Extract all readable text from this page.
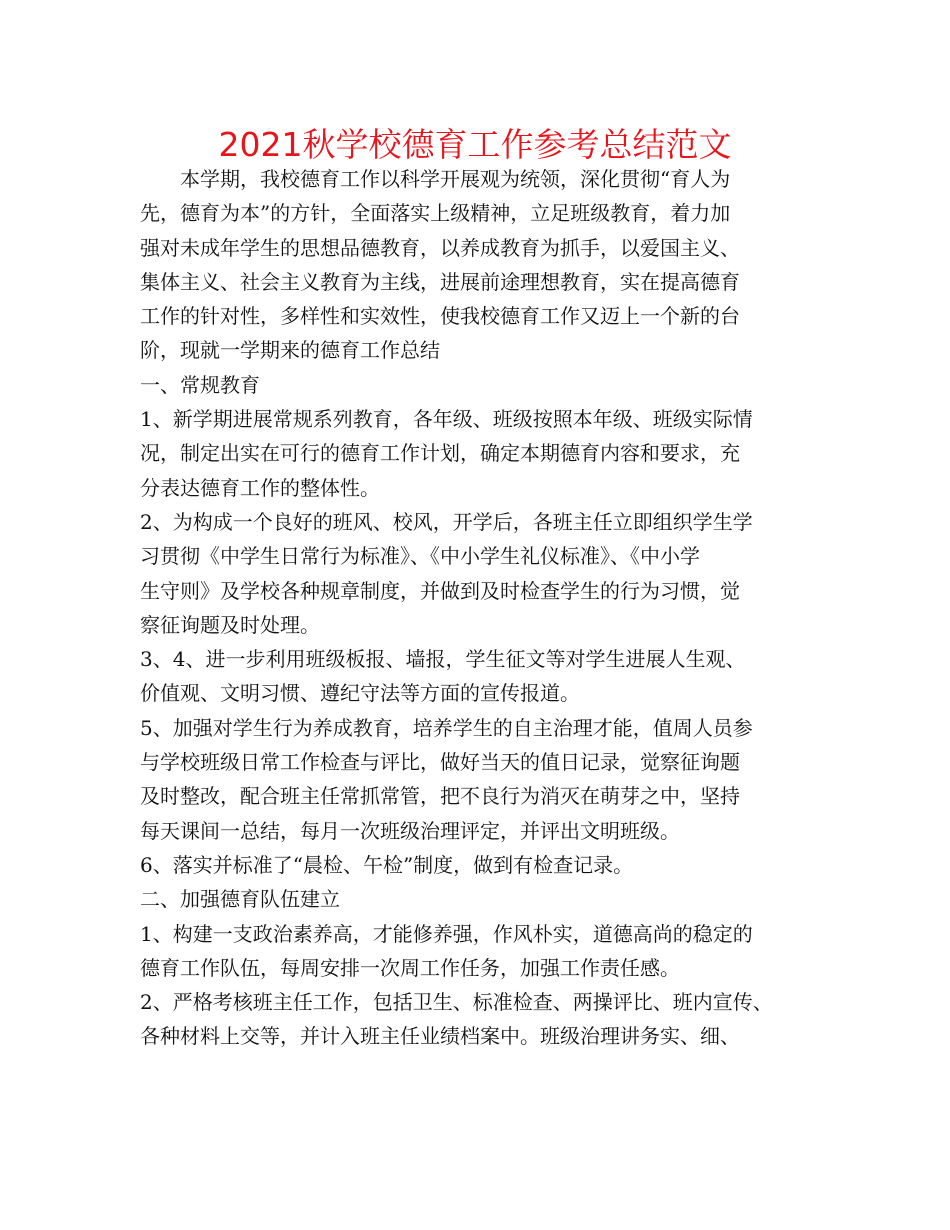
2021秋学校德育工作参考总结范文
　　本学期，我校德育工作以科学开展观为统领，深化贯彻“育人为
先，德育为本”的方针，全面落实上级精神，立足班级教育，着力加
强对未成年学生的思想品德教育，以养成教育为抓手，以爱国主义、
集体主义、社会主义教育为主线，进展前途理想教育，实在提高德育
工作的针对性，多样性和实效性，使我校德育工作又迈上一个新的台
阶，现就一学期来的德育工作总结
一、常规教育
1、新学期进展常规系列教育，各年级、班级按照本年级、班级实际情
况，制定出实在可行的德育工作计划，确定本期德育内容和要求，充
分表达德育工作的整体性。
2、为构成一个良好的班风、校风，开学后，各班主任立即组织学生学
习贯彻《中学生日常行为标准》、《中小学生礼仪标准》、《中小学
生守则》及学校各种规章制度，并做到及时检查学生的行为习惯，觉
察征询题及时处理。
3、4、进一步利用班级板报、墙报，学生征文等对学生进展人生观、
价值观、文明习惯、遵纪守法等方面的宣传报道。
5、加强对学生行为养成教育，培养学生的自主治理才能，值周人员参
与学校班级日常工作检查与评比，做好当天的值日记录，觉察征询题
及时整改，配合班主任常抓常管，把不良行为消灭在萌芽之中，坚持
每天课间一总结，每月一次班级治理评定，并评出文明班级。
6、落实并标准了“晨检、午检”制度，做到有检查记录。
二、加强德育队伍建立
1、构建一支政治素养高，才能修养强，作风朴实，道德高尚的稳定的
德育工作队伍，每周安排一次周工作任务，加强工作责任感。
2、严格考核班主任工作，包括卫生、标准检查、两操评比、班内宣传、
各种材料上交等，并计入班主任业绩档案中。班级治理讲务实、细、
